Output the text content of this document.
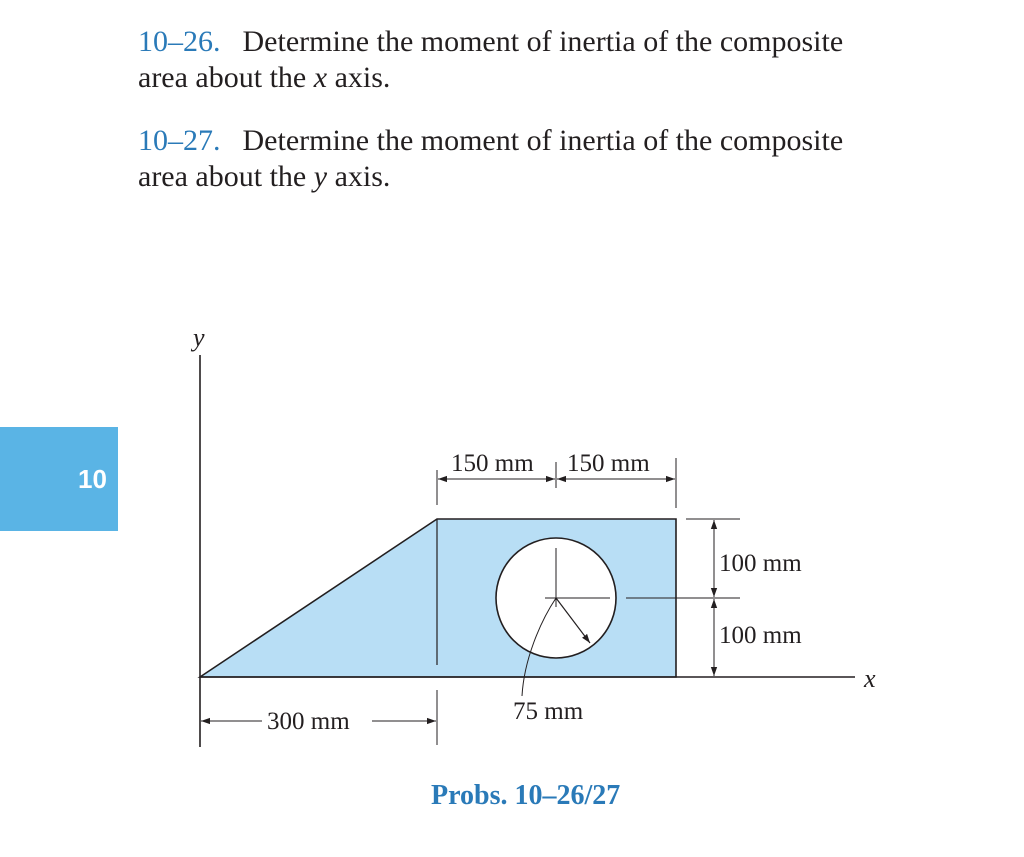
10–26. Determine the moment of inertia of the composite
area about the x axis.
10–27. Determine the moment of inertia of the composite
area about the y axis.
10
150 mm 150 mm
100 mm
100 mm
300 mm	75 mm
y
x
Probs. 10–26/27
